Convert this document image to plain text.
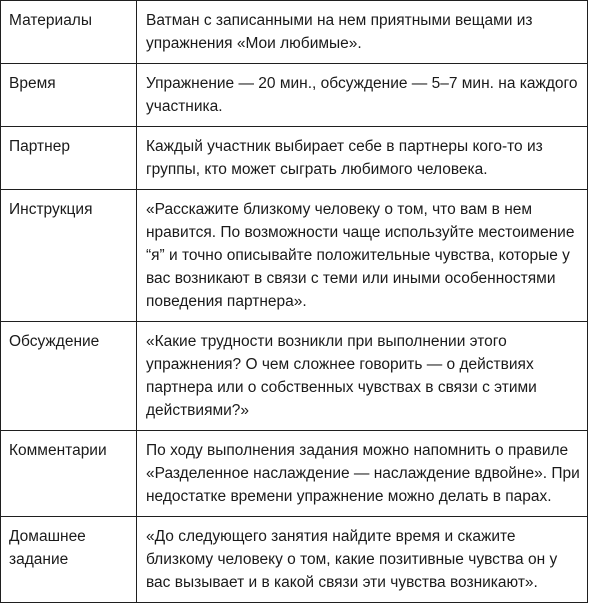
Материалы	Ватман с записанными на нем приятными вещами из упражнения «Мои любимые».
Время	Упражнение — 20 мин., обсуждение — 5–7 мин. на каждого участника.
Партнер	Каждый участник выбирает себе в партнеры кого-то из группы, кто может сыграть любимого человека.
Инструкция	«Расскажите близкому человеку о том, что вам в нем нравится. По возможности чаще используйте местоимение “я” и точно описывайте положительные чувства, которые у вас возникают в связи с теми или иными особенностями поведения партнера».
Обсуждение	«Какие трудности возникли при выполнении этого упражнения? О чем сложнее говорить — о действиях партнера или о собственных чувствах в связи с этими действиями?»
Комментарии	По ходу выполнения задания можно напомнить о правиле «Разделенное наслаждение — наслаждение вдвойне». При недостатке времени упражнение можно делать в парах.
Домашнее задание	«До следующего занятия найдите время и скажите близкому человеку о том, какие позитивные чувства он у вас вызывает и в какой связи эти чувства возникают».
